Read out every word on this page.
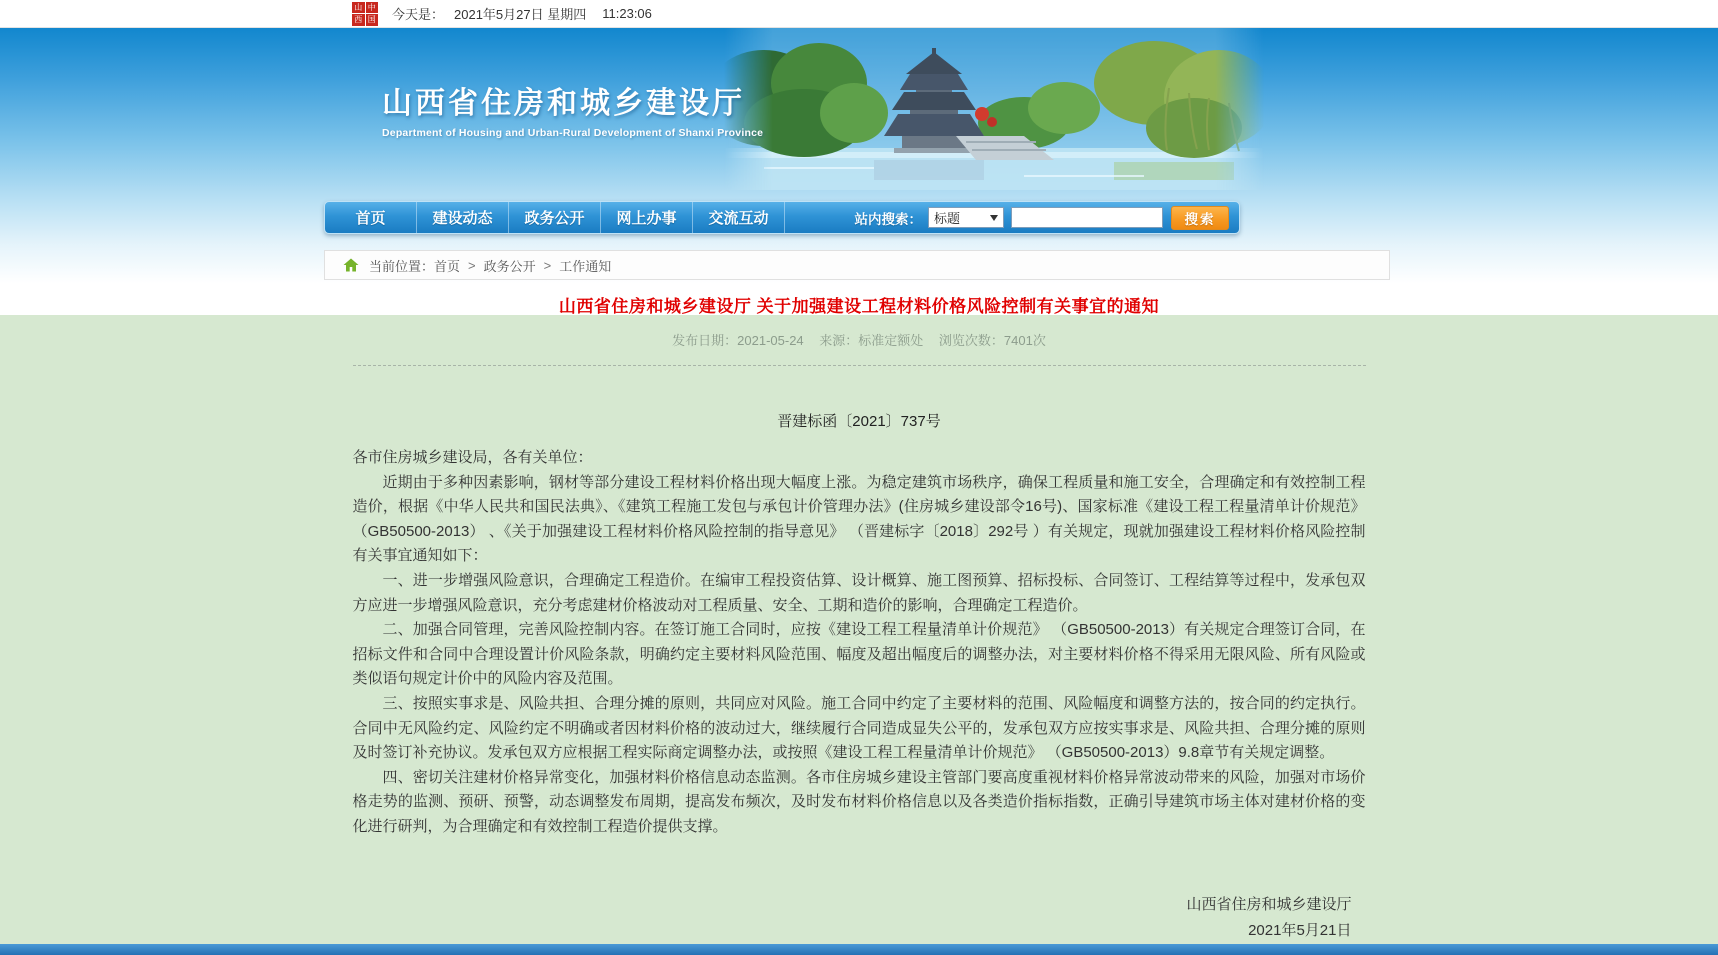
山 中
西 国 今天是： 2021年5月27日 星期四 11:23:06
山西省住房和城乡建设厅
Department of Housing and Urban-Rural Development of Shanxi Province
首页	建设动态	政务公开	网上办事	交流互动	站内搜索： 标题	搜索
当前位置： 首页 > 政务公开 > 工作通知
山西省住房和城乡建设厅 关于加强建设工程材料价格风险控制有关事宜的通知
发布日期：2021-05-24 来源：标准定额处 浏览次数：7401次
晋建标函〔2021〕737号

各市住房城乡建设局，各有关单位：

近期由于多种因素影响，钢材等部分建设工程材料价格出现大幅度上涨。为稳定建筑市场秩序，确保工程质量和施工安全，合理确定和有效控制工程造价，根据《中华人民共和国民法典》、《建筑工程施工发包与承包计价管理办法》(住房城乡建设部令16号)、国家标准《建设工程工程量清单计价规范》 （GB50500-2013） 、《关于加强建设工程材料价格风险控制的指导意见》 （晋建标字〔2018〕292号 ）有关规定，现就加强建设工程材料价格风险控制有关事宜通知如下：

一、进一步增强风险意识，合理确定工程造价。在编审工程投资估算、设计概算、施工图预算、招标投标、合同签订、工程结算等过程中，发承包双方应进一步增强风险意识，充分考虑建材价格波动对工程质量、安全、工期和造价的影响，合理确定工程造价。

二、加强合同管理，完善风险控制内容。在签订施工合同时，应按《建设工程工程量清单计价规范》 （GB50500-2013）有关规定合理签订合同，在招标文件和合同中合理设置计价风险条款，明确约定主要材料风险范围、幅度及超出幅度后的调整办法，对主要材料价格不得采用无限风险、所有风险或类似语句规定计价中的风险内容及范围。

三、按照实事求是、风险共担、合理分摊的原则，共同应对风险。施工合同中约定了主要材料的范围、风险幅度和调整方法的，按合同的约定执行。合同中无风险约定、风险约定不明确或者因材料价格的波动过大，继续履行合同造成显失公平的，发承包双方应按实事求是、风险共担、合理分摊的原则及时签订补充协议。发承包双方应根据工程实际商定调整办法，或按照《建设工程工程量清单计价规范》 （GB50500-2013）9.8章节有关规定调整。

四、密切关注建材价格异常变化，加强材料价格信息动态监测。各市住房城乡建设主管部门要高度重视材料价格异常波动带来的风险，加强对市场价格走势的监测、预研、预警，动态调整发布周期，提高发布频次，及时发布材料价格信息以及各类造价指标指数，正确引导建筑市场主体对建材价格的变化进行研判，为合理确定和有效控制工程造价提供支撑。

山西省住房和城乡建设厅
2021年5月21日
